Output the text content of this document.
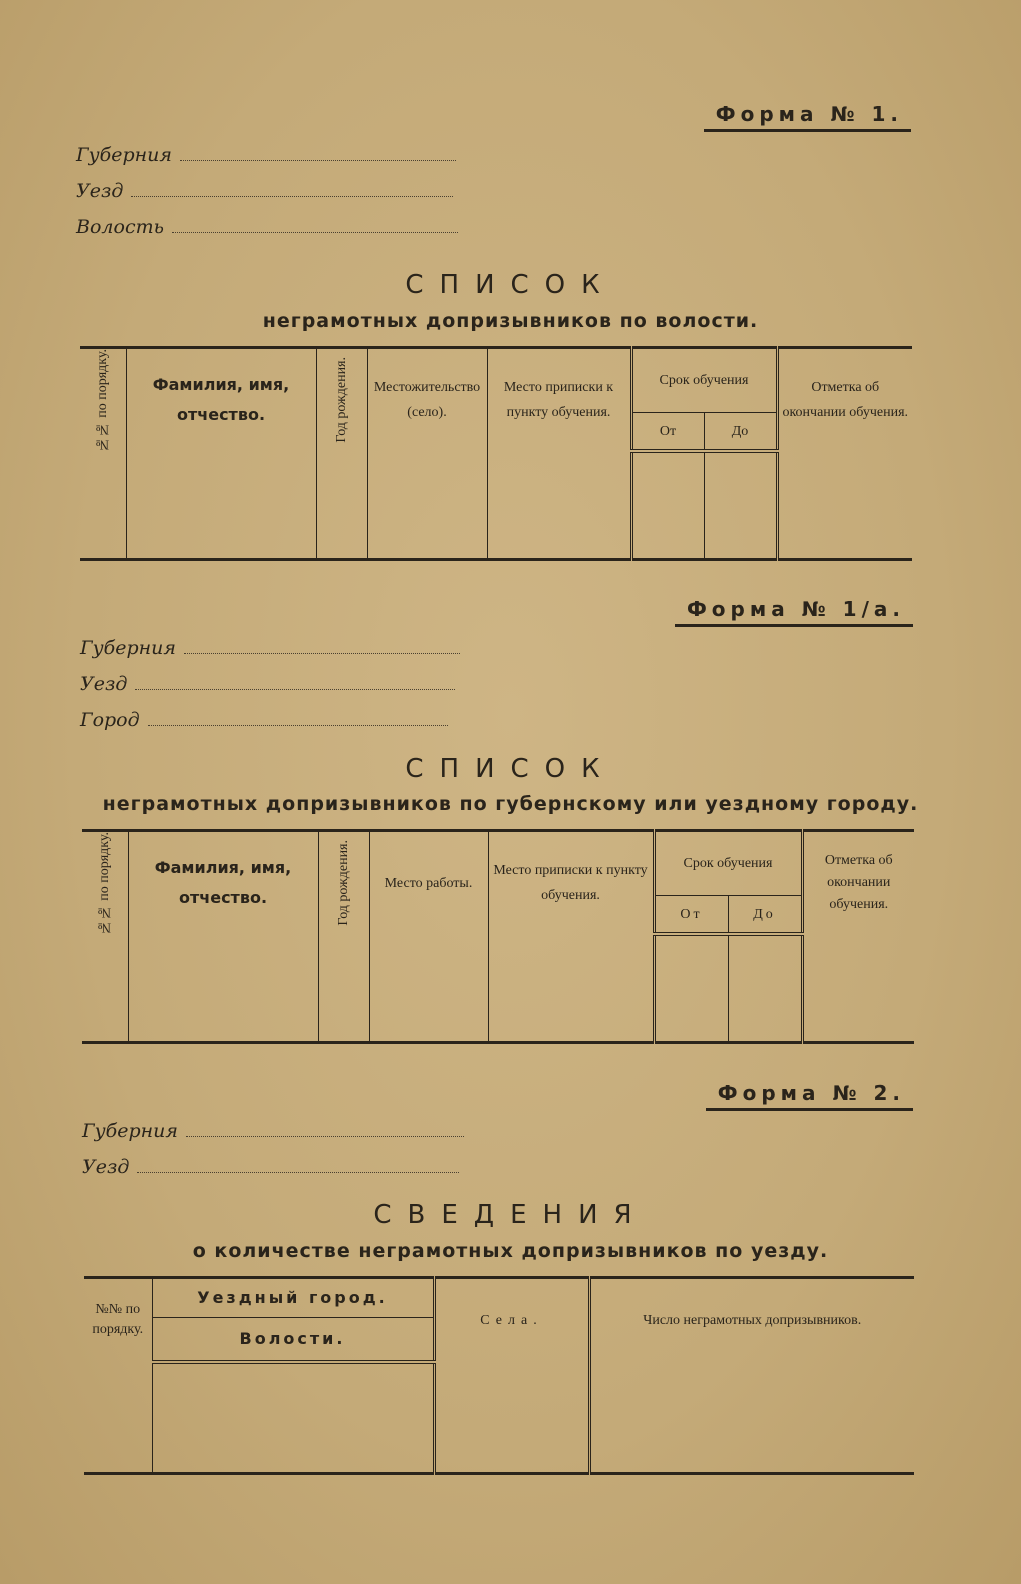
Форма № 1.
Губерния
Уезд
Волость
СПИСОК
неграмотных допризывников по волости.
№№ по порядку.	Фамилия, имя, отчество.	Год рождения.	Местожительство (село).	Место приписки к пункту обучения.	Срок обучения		Отметка об окончании обучения.

					От	До	

Форма № 1/а.
Губерния
Уезд
Город
СПИСОК
неграмотных допризывников по губернскому или уездному городу.
№№ по порядку.	Фамилия, имя, отчество.	Год рождения.	Место работы.	Место приписки к пункту обучения.	Срок обучения		Отметка об окончании обучения.

					От	До	

Форма № 2.
Губерния
Уезд
СВЕДЕНИЯ
о количестве неграмотных допризывников по уезду.
№№ по порядку.	Уездный город.	Села.	Число неграмотных допризывников.

	Волости.		
